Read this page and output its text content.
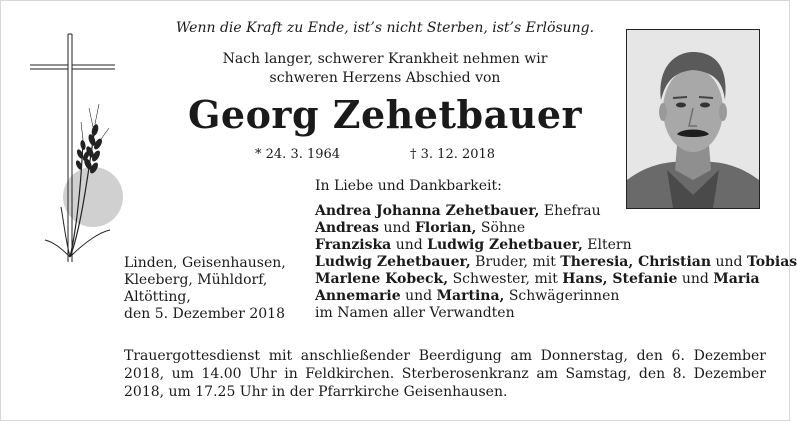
Wenn die Kraft zu Ende, ist’s nicht Sterben, ist’s Erlösung.
Nach langer, schwerer Krankheit nehmen wir
schweren Herzens Abschied von
Georg Zehetbauer
* 24. 3. 1964	† 3. 12. 2018
In Liebe und Dankbarkeit:
Andrea Johanna Zehetbauer, Ehefrau
Andreas und Florian, Söhne
Franziska und Ludwig Zehetbauer, Eltern
Ludwig Zehetbauer, Bruder, mit Theresia, Christian und Tobias
Marlene Kobeck, Schwester, mit Hans, Stefanie und Maria
Annemarie und Martina, Schwägerinnen
im Namen aller Verwandten
Linden, Geisenhausen,
Kleeberg, Mühldorf,
Altötting,
den 5. Dezember 2018
Trauergottesdienst mit anschließender Beerdigung am Donnerstag, den 6. Dezember 2018, um 14.00 Uhr in Feldkirchen. Sterberosenkranz am Samstag, den 8. Dezember 2018, um 17.25 Uhr in der Pfarrkirche Geisenhausen.
